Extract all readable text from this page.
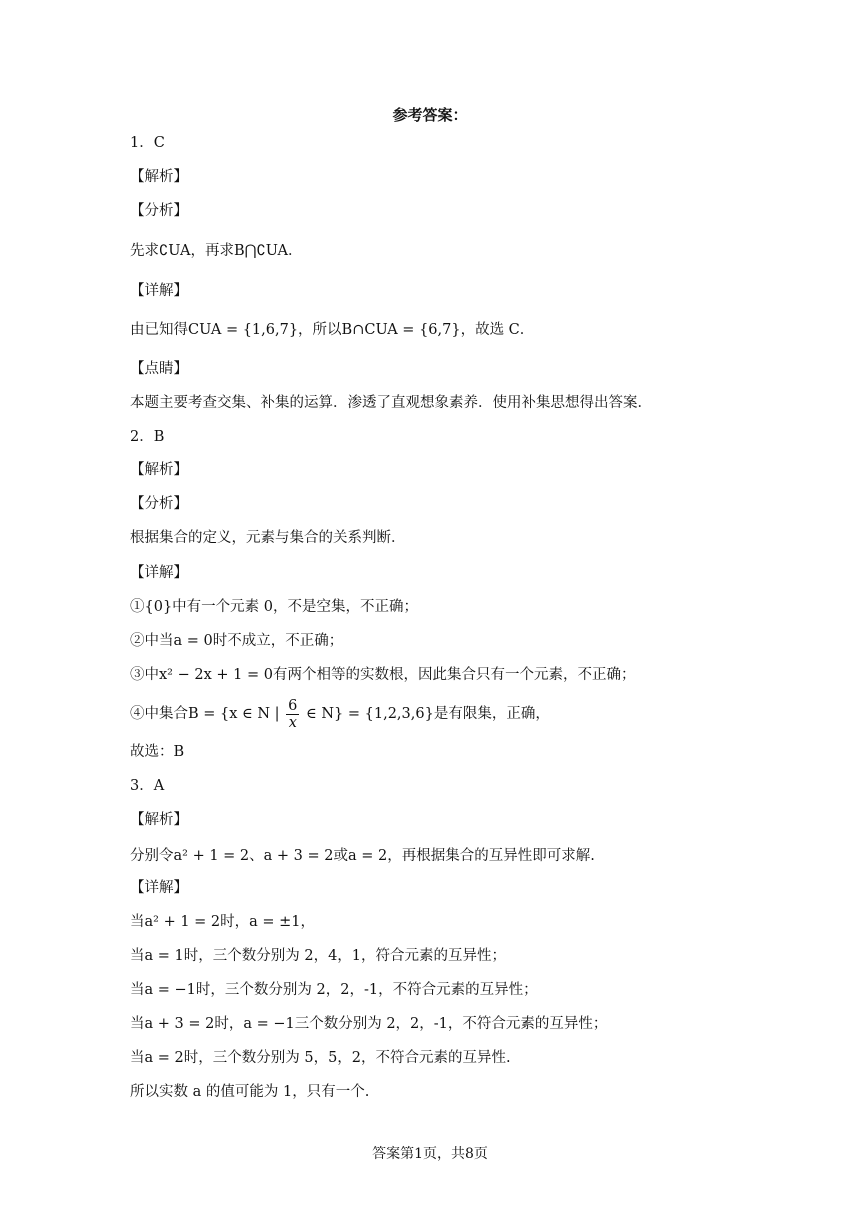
参考答案：
1．C
【解析】
【分析】
先求∁UA，再求B⋂∁UA．
【详解】
由已知得CUA = {1,6,7}，所以B∩CUA = {6,7}，故选 C．
【点睛】
本题主要考查交集、补集的运算．渗透了直观想象素养．使用补集思想得出答案．
2．B
【解析】
【分析】
根据集合的定义，元素与集合的关系判断．
【详解】
①{0}中有一个元素 0，不是空集，不正确；
②中当a = 0时不成立，不正确；
③中x² − 2x + 1 = 0有两个相等的实数根，因此集合只有一个元素，不正确；
④中集合B = {x ∈ N | $\frac{6}{x}$ ∈ N} = {1,2,3,6}是有限集，正确，
故选：B
3．A
【解析】
分别令a² + 1 = 2、a + 3 = 2或a = 2，再根据集合的互异性即可求解.
【详解】
当a² + 1 = 2时，a = ±1，
当a = 1时，三个数分别为 2，4，1，符合元素的互异性；
当a = −1时，三个数分别为 2，2，-1，不符合元素的互异性；
当a + 3 = 2时，a = −1三个数分别为 2，2，-1，不符合元素的互异性；
当a = 2时，三个数分别为 5，5，2，不符合元素的互异性.
所以实数 a 的值可能为 1，只有一个.
答案第1页，共8页
